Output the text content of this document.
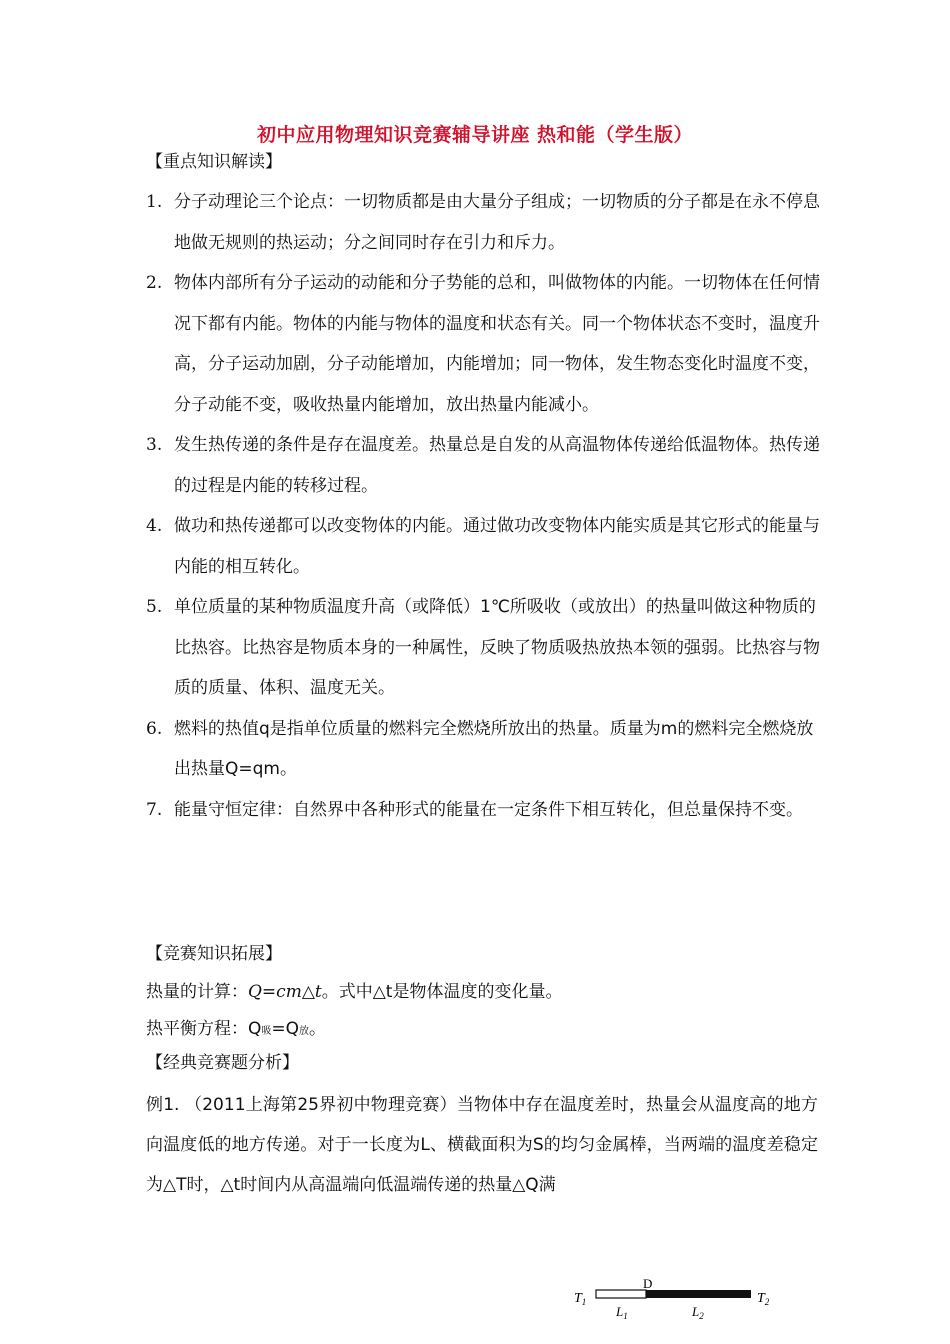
初中应用物理知识竞赛辅导讲座 热和能（学生版）
【重点知识解读】
1. 分子动理论三个论点：一切物质都是由大量分子组成；一切物质的分子都是在永不停息地做无规则的热运动；分之间同时存在引力和斥力。
2. 物体内部所有分子运动的动能和分子势能的总和，叫做物体的内能。一切物体在任何情况下都有内能。物体的内能与物体的温度和状态有关。同一个物体状态不变时，温度升高，分子运动加剧，分子动能增加，内能增加；同一物体，发生物态变化时温度不变，分子动能不变，吸收热量内能增加，放出热量内能减小。
3. 发生热传递的条件是存在温度差。热量总是自发的从高温物体传递给低温物体。热传递的过程是内能的转移过程。
4. 做功和热传递都可以改变物体的内能。通过做功改变物体内能实质是其它形式的能量与内能的相互转化。
5. 单位质量的某种物质温度升高（或降低）1℃所吸收（或放出）的热量叫做这种物质的比热容。比热容是物质本身的一种属性，反映了物质吸热放热本领的强弱。比热容与物质的质量、体积、温度无关。
6. 燃料的热值q是指单位质量的燃料完全燃烧所放出的热量。质量为m的燃料完全燃烧放出热量Q=qm。
7. 能量守恒定律：自然界中各种形式的能量在一定条件下相互转化，但总量保持不变。
【竞赛知识拓展】
热量的计算：Q=cm△t。式中△t是物体温度的变化量。
热平衡方程：Q吸=Q放。
【经典竞赛题分析】
例1. （2011上海第25界初中物理竞赛）当物体中存在温度差时，热量会从温度高的地方向温度低的地方传递。对于一长度为L、横截面积为S的均匀金属棒，当两端的温度差稳定为△T时，△t时间内从高温端向低温端传递的热量△Q满
$T_1$
D
$T_2$
$L_1$	$L_2$
